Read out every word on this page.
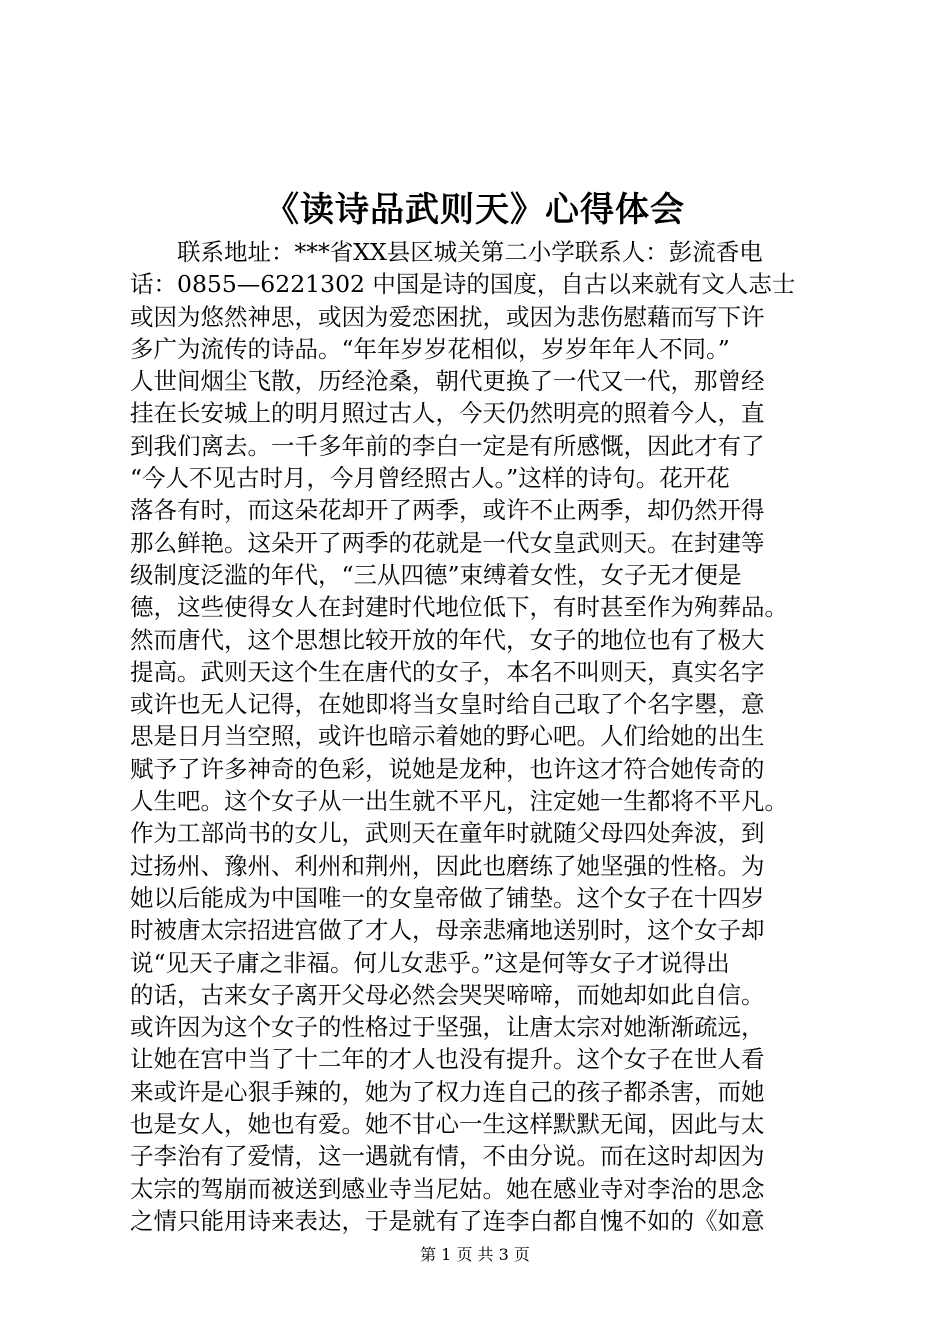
《读诗品武则天》心得体会
联系地址：***省XX县区城关第二小学联系人：彭流香电
话：0855—6221302 中国是诗的国度，自古以来就有文人志士
或因为悠然神思，或因为爱恋困扰，或因为悲伤慰藉而写下许
多广为流传的诗品。“年年岁岁花相似，岁岁年年人不同。”
人世间烟尘飞散，历经沧桑，朝代更换了一代又一代，那曾经
挂在长安城上的明月照过古人，今天仍然明亮的照着今人，直
到我们离去。一千多年前的李白一定是有所感慨，因此才有了
“今人不见古时月，今月曾经照古人。”这样的诗句。花开花
落各有时，而这朵花却开了两季，或许不止两季，却仍然开得
那么鲜艳。这朵开了两季的花就是一代女皇武则天。在封建等
级制度泛滥的年代，“三从四德”束缚着女性，女子无才便是
德，这些使得女人在封建时代地位低下，有时甚至作为殉葬品。
然而唐代，这个思想比较开放的年代，女子的地位也有了极大
提高。武则天这个生在唐代的女子，本名不叫则天，真实名字
或许也无人记得，在她即将当女皇时给自己取了个名字瞾，意
思是日月当空照，或许也暗示着她的野心吧。人们给她的出生
赋予了许多神奇的色彩，说她是龙种，也许这才符合她传奇的
人生吧。这个女子从一出生就不平凡，注定她一生都将不平凡。
作为工部尚书的女儿，武则天在童年时就随父母四处奔波，到
过扬州、豫州、利州和荆州，因此也磨练了她坚强的性格。为
她以后能成为中国唯一的女皇帝做了铺垫。这个女子在十四岁
时被唐太宗招进宫做了才人，母亲悲痛地送别时，这个女子却
说“见天子庸之非福。何儿女悲乎。”这是何等女子才说得出
的话，古来女子离开父母必然会哭哭啼啼，而她却如此自信。
或许因为这个女子的性格过于坚强，让唐太宗对她渐渐疏远，
让她在宫中当了十二年的才人也没有提升。这个女子在世人看
来或许是心狠手辣的，她为了权力连自己的孩子都杀害，而她
也是女人，她也有爱。她不甘心一生这样默默无闻，因此与太
子李治有了爱情，这一遇就有情，不由分说。而在这时却因为
太宗的驾崩而被送到感业寺当尼姑。她在感业寺对李治的思念
之情只能用诗来表达，于是就有了连李白都自愧不如的《如意
第 1 页 共 3 页
